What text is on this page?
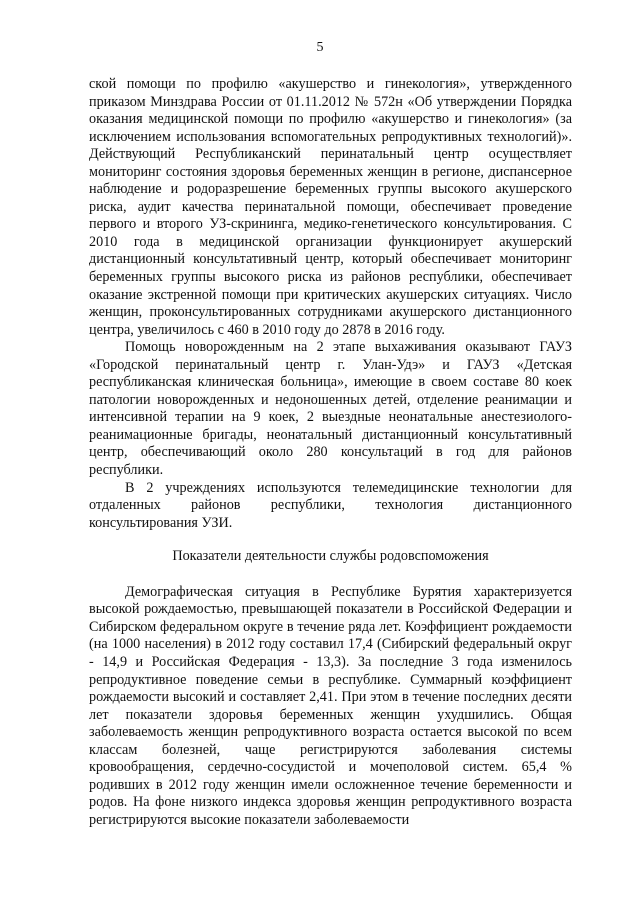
5

ской помощи по профилю «акушерство и гинекология», утвержденного приказом Минздрава России от 01.11.2012 № 572н «Об утверждении Порядка оказания медицинской помощи по профилю «акушерство и гинекология» (за исключением использования вспомогательных репродуктивных технологий)». Действующий Республиканский перинатальный центр осуществляет мониторинг состояния здоровья беременных женщин в регионе, диспансерное наблюдение и родоразрешение беременных группы высокого акушерского риска, аудит качества перинатальной помощи, обеспечивает проведение первого и второго УЗ-скрининга, медико-генетического консультирования. С 2010 года в медицинской организации функционирует акушерский дистанционный консультативный центр, который обеспечивает мониторинг беременных группы высокого риска из районов республики, обеспечивает оказание экстренной помощи при критических акушерских ситуациях. Число женщин, проконсультированных сотрудниками акушерского дистанционного центра, увеличилось с 460 в 2010 году до 2878 в 2016 году.

Помощь новорожденным на 2 этапе выхаживания оказывают ГАУЗ «Городской перинатальный центр г. Улан-Удэ» и ГАУЗ «Детская республиканская клиническая больница», имеющие в своем составе 80 коек патологии новорожденных и недоношенных детей, отделение реанимации и интенсивной терапии на 9 коек, 2 выездные неонатальные анестезиолого-реанимационные бригады, неонатальный дистанционный консультативный центр, обеспечивающий около 280 консультаций в год для районов республики.

В 2 учреждениях используются телемедицинские технологии для отдаленных районов республики, технология дистанционного консультирования УЗИ.

Показатели деятельности службы родовспоможения

Демографическая ситуация в Республике Бурятия характеризуется высокой рождаемостью, превышающей показатели в Российской Федерации и Сибирском федеральном округе в течение ряда лет. Коэффициент рождаемости (на 1000 населения) в 2012 году составил 17,4 (Сибирский федеральный округ - 14,9 и Российская Федерация - 13,3). За последние 3 года изменилось репродуктивное поведение семьи в республике. Суммарный коэффициент рождаемости высокий и составляет 2,41. При этом в течение последних десяти лет показатели здоровья беременных женщин ухудшились. Общая заболеваемость женщин репродуктивного возраста остается высокой по всем классам болезней, чаще регистрируются заболевания системы кровообращения, сердечно-сосудистой и мочеполовой систем. 65,4 % родивших в 2012 году женщин имели осложненное течение беременности и родов. На фоне низкого индекса здоровья женщин репродуктивного возраста регистрируются высокие показатели заболеваемости
